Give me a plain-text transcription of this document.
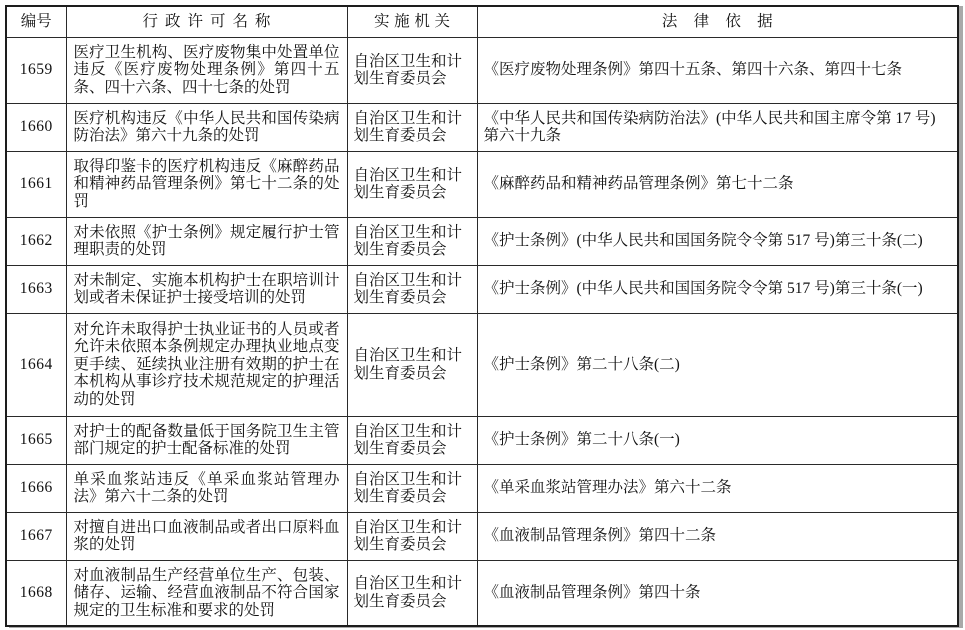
编号	行政许可名称	实施机关	法律依据
1659	医疗卫生机构、医疗废物集中处置单位违反《医疗废物处理条例》第四十五条、四十六条、四十七条的处罚	自治区卫生和计划生育委员会	《医疗废物处理条例》第四十五条、第四十六条、第四十七条
1660	医疗机构违反《中华人民共和国传染病防治法》第六十九条的处罚	自治区卫生和计划生育委员会	《中华人民共和国传染病防治法》(中华人民共和国主席令第 17 号)第六十九条
1661	取得印鉴卡的医疗机构违反《麻醉药品和精神药品管理条例》第七十二条的处罚	自治区卫生和计划生育委员会	《麻醉药品和精神药品管理条例》第七十二条
1662	对未依照《护士条例》规定履行护士管理职责的处罚	自治区卫生和计划生育委员会	《护士条例》(中华人民共和国国务院令令第 517 号)第三十条(二)
1663	对未制定、实施本机构护士在职培训计划或者未保证护士接受培训的处罚	自治区卫生和计划生育委员会	《护士条例》(中华人民共和国国务院令令第 517 号)第三十条(一)
1664	对允许未取得护士执业证书的人员或者允许未依照本条例规定办理执业地点变更手续、延续执业注册有效期的护士在本机构从事诊疗技术规范规定的护理活动的处罚	自治区卫生和计划生育委员会	《护士条例》第二十八条(二)
1665	对护士的配备数量低于国务院卫生主管部门规定的护士配备标准的处罚	自治区卫生和计划生育委员会	《护士条例》第二十八条(一)
1666	单采血浆站违反《单采血浆站管理办法》第六十二条的处罚	自治区卫生和计划生育委员会	《单采血浆站管理办法》第六十二条
1667	对擅自进出口血液制品或者出口原料血浆的处罚	自治区卫生和计划生育委员会	《血液制品管理条例》第四十二条
1668	对血液制品生产经营单位生产、包装、储存、运输、经营血液制品不符合国家规定的卫生标准和要求的处罚	自治区卫生和计划生育委员会	《血液制品管理条例》第四十条
